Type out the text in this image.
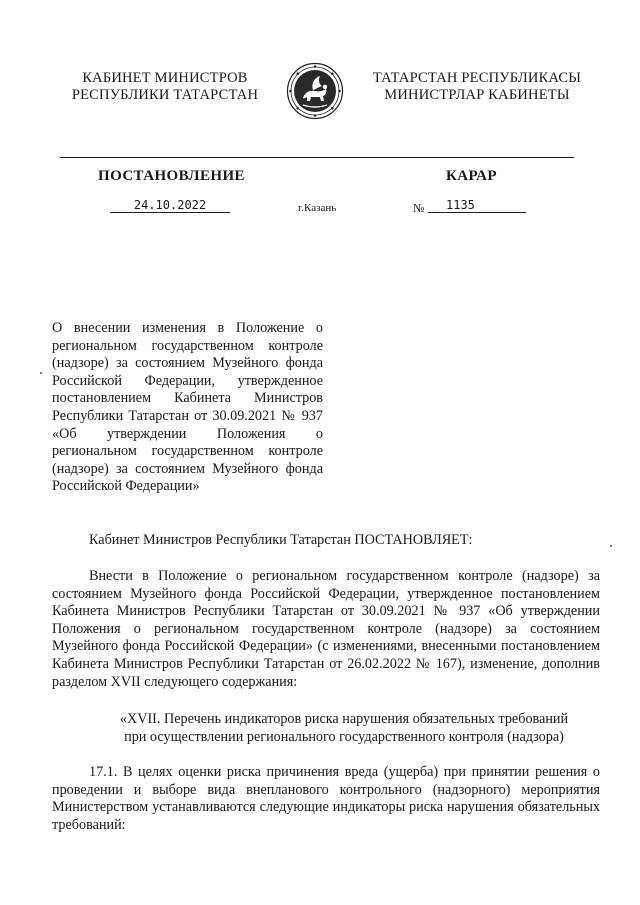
КАБИНЕТ МИНИСТРОВ
РЕСПУБЛИКИ ТАТАРСТАН
ТАТАРСТАН РЕСПУБЛИКАСЫ
МИНИСТРЛАР КАБИНЕТЫ
ПОСТАНОВЛЕНИЕ	КАРАР
24.10.2022	г.Казань	№	1135
О внесении изменения в Положение о региональном государственном контроле (надзоре) за состоянием Музейного фонда Российской Федерации, утвержденное постановлением Кабинета Министров Республики Татарстан от 30.09.2021 № 937 «Об утверждении Положения о региональном государственном контроле (надзоре) за состоянием Музейного фонда Российской Федерации»
Кабинет Министров Республики Татарстан ПОСТАНОВЛЯЕТ:
Внести в Положение о региональном государственном контроле (надзоре) за состоянием Музейного фонда Российской Федерации, утвержденное постановлением Кабинета Министров Республики Татарстан от 30.09.2021 № 937 «Об утверждении Положения о региональном государственном контроле (надзоре) за состоянием Музейного фонда Российской Федерации» (с изменениями, внесенными постановлением Кабинета Министров Республики Татарстан от 26.02.2022 № 167), изменение, дополнив разделом XVII следующего содержания:
«XVII. Перечень индикаторов риска нарушения обязательных требований
при осуществлении регионального государственного контроля (надзора)
17.1. В целях оценки риска причинения вреда (ущерба) при принятии решения о проведении и выборе вида внепланового контрольного (надзорного) мероприятия Министерством устанавливаются следующие индикаторы риска нарушения обязательных требований:
